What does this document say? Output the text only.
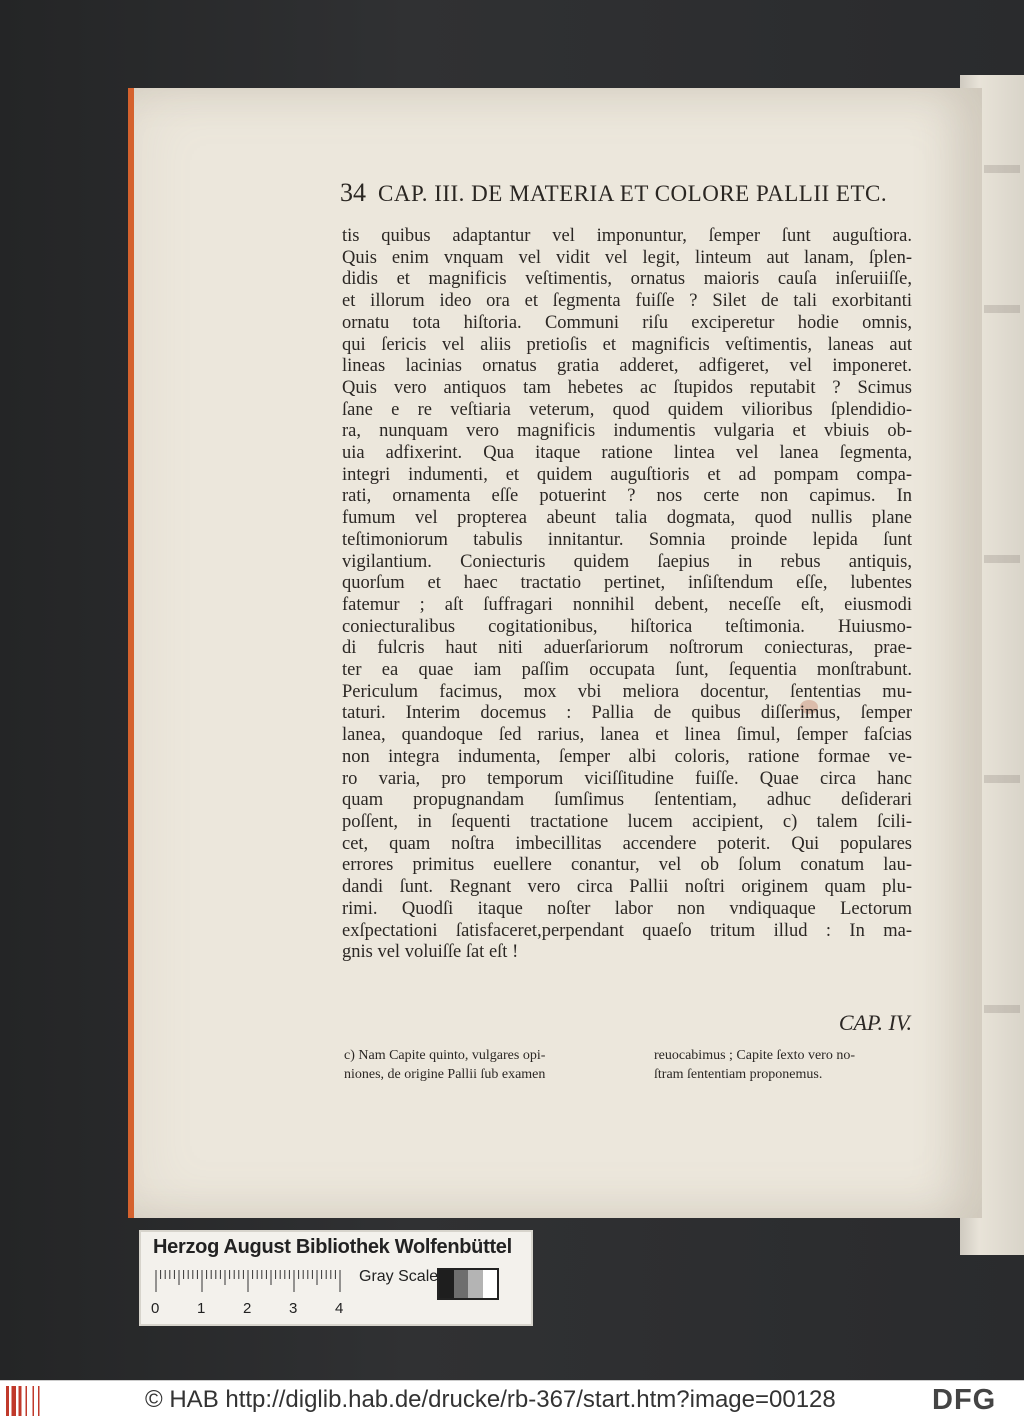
34 CAP. III. DE MATERIA ET COLORE PALLII ETC.
tis quibus adaptantur vel imponuntur, ſemper ſunt auguſtiora.
Quis enim vnquam vel vidit vel legit, linteum aut lanam, ſplen-
didis et magnificis veſtimentis, ornatus maioris cauſa inſeruiiſſe,
et illorum ideo ora et ſegmenta fuiſſe ? Silet de tali exorbitanti
ornatu tota hiſtoria. Communi riſu exciperetur hodie omnis,
qui ſericis vel aliis pretioſis et magnificis veſtimentis, laneas aut
lineas lacinias ornatus gratia adderet, adfigeret, vel imponeret.
Quis vero antiquos tam hebetes ac ſtupidos reputabit ? Scimus
ſane e re veſtiaria veterum, quod quidem vilioribus ſplendidio-
ra, nunquam vero magnificis indumentis vulgaria et vbiuis ob-
uia adfixerint. Qua itaque ratione lintea vel lanea ſegmenta,
integri indumenti, et quidem auguſtioris et ad pompam compa-
rati, ornamenta eſſe potuerint ? nos certe non capimus. In
fumum vel propterea abeunt talia dogmata, quod nullis plane
teſtimoniorum tabulis innitantur. Somnia proinde lepida ſunt
vigilantium. Coniecturis quidem ſaepius in rebus antiquis,
quorſum et haec tractatio pertinet, inſiſtendum eſſe, lubentes
fatemur ; aſt ſuffragari nonnihil debent, neceſſe eſt, eiusmodi
coniecturalibus cogitationibus, hiſtorica teſtimonia. Huiusmo-
di fulcris haut niti aduerſariorum noſtrorum coniecturas, prae-
ter ea quae iam paſſim occupata ſunt, ſequentia monſtrabunt.
Periculum facimus, mox vbi meliora docentur, ſententias mu-
taturi. Interim docemus : Pallia de quibus diſſerimus, ſemper
lanea, quandoque ſed rarius, lanea et linea ſimul, ſemper faſcias
non integra indumenta, ſemper albi coloris, ratione formae ve-
ro varia, pro temporum viciſſitudine fuiſſe. Quae circa hanc
quam propugnandam ſumſimus ſententiam, adhuc deſiderari
poſſent, in ſequenti tractatione lucem accipient, c) talem ſcili-
cet, quam noſtra imbecillitas accendere poterit. Qui populares
errores primitus euellere conantur, vel ob ſolum conatum lau-
dandi ſunt. Regnant vero circa Pallii noſtri originem quam plu-
rimi. Quodſi itaque noſter labor non vndiquaque Lectorum
exſpectationi ſatisfaceret,perpendant quaeſo tritum illud : In ma-
gnis vel voluiſſe ſat eſt !
CAP. IV.
c) Nam Capite quinto, vulgares opi-
niones, de origine Pallii ſub examen
reuocabimus ; Capite ſexto vero no-
ſtram ſententiam proponemus.
Herzog August Bibliothek Wolfenbüttel
0	1	2	3	4
Gray Scale
© HAB http://diglib.hab.de/drucke/rb-367/start.htm?image=00128	DFG
